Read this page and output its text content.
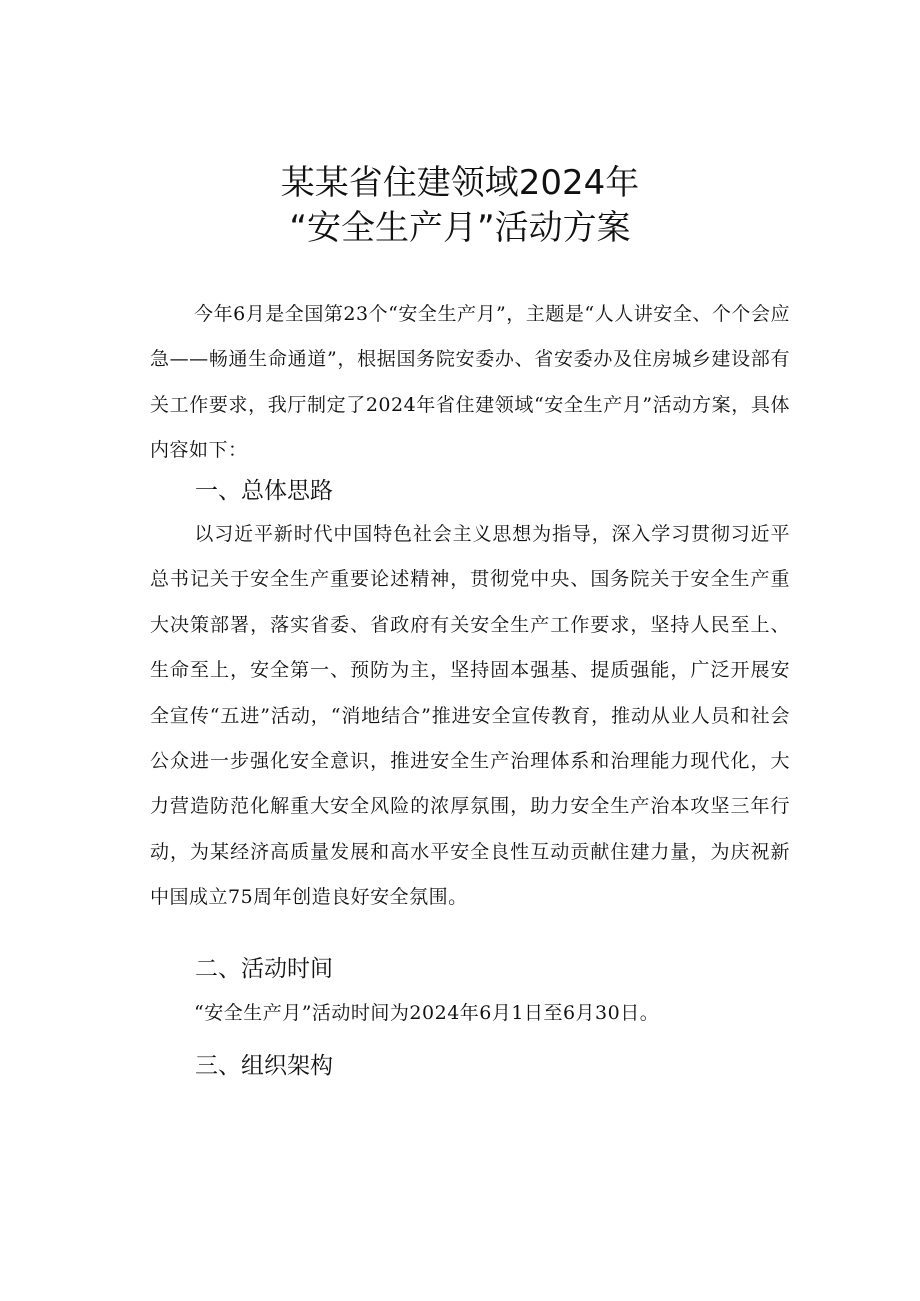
某某省住建领域2024年
“安全生产月”活动方案

今年6月是全国第23个“安全生产月”，主题是“人人讲安全、个个会应急——畅通生命通道”，根据国务院安委办、省安委办及住房城乡建设部有关工作要求，我厅制定了2024年省住建领域“安全生产月”活动方案，具体内容如下：

一、总体思路

以习近平新时代中国特色社会主义思想为指导，深入学习贯彻习近平总书记关于安全生产重要论述精神，贯彻党中央、国务院关于安全生产重大决策部署，落实省委、省政府有关安全生产工作要求，坚持人民至上、生命至上，安全第一、预防为主，坚持固本强基、提质强能，广泛开展安全宣传“五进”活动，“消地结合”推进安全宣传教育，推动从业人员和社会公众进一步强化安全意识，推进安全生产治理体系和治理能力现代化，大力营造防范化解重大安全风险的浓厚氛围，助力安全生产治本攻坚三年行动，为某经济高质量发展和高水平安全良性互动贡献住建力量，为庆祝新中国成立75周年创造良好安全氛围。

二、活动时间

“安全生产月”活动时间为2024年6月1日至6月30日。

三、组织架构
